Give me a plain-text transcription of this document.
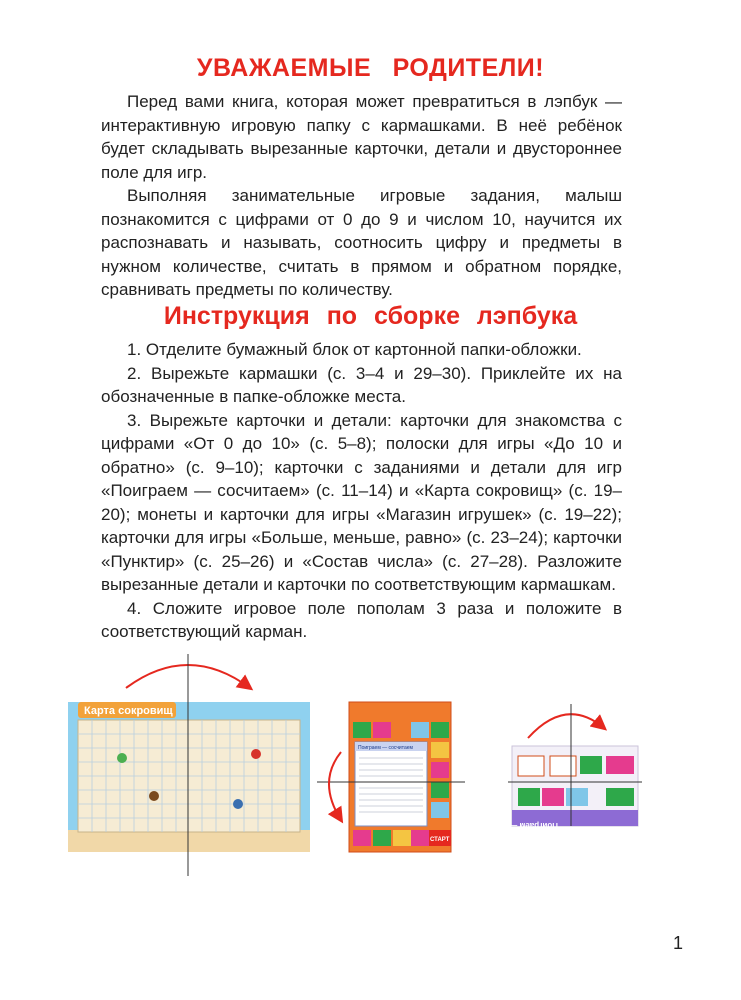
УВАЖАЕМЫЕ РОДИТЕЛИ!

Перед вами книга, которая может превратиться в лэпбук — интерактивную игровую папку с кармашками. В неё ребёнок будет складывать вырезанные карточки, детали и двустороннее поле для игр.

Выполняя занимательные игровые задания, малыш познакомится с цифрами от 0 до 9 и числом 10, научится их распознавать и называть, соотносить цифру и предметы в нужном количестве, считать в прямом и обратном порядке, сравнивать предметы по количеству.

Инструкция по сборке лэпбука

1. Отделите бумажный блок от картонной папки-обложки.

2. Вырежьте кармашки (с. 3–4 и 29–30). Приклейте их на обозначенные в папке-обложке места.

3. Вырежьте карточки и детали: карточки для знакомства с цифрами «От 0 до 10» (с. 5–8); полоски для игры «До 10 и обратно» (с. 9–10); карточки с заданиями и детали для игр «Поиграем — сосчитаем» (с. 11–14) и «Карта сокровищ» (с. 19–20); монеты и карточки для игры «Магазин игрушек» (с. 19–22); карточки для игры «Больше, меньше, равно» (с. 23–24); карточки «Пунктир» (с. 25–26) и «Состав числа» (с. 27–28). Разложите вырезанные детали и карточки по соответствующим кармашкам.

4. Сложите игровое поле пополам 3 раза и положите в соответствующий карман.

Карта сокровищ
Поиграем — сосчитаем
СТАРТ
Поиграем — сосчитаем
1
